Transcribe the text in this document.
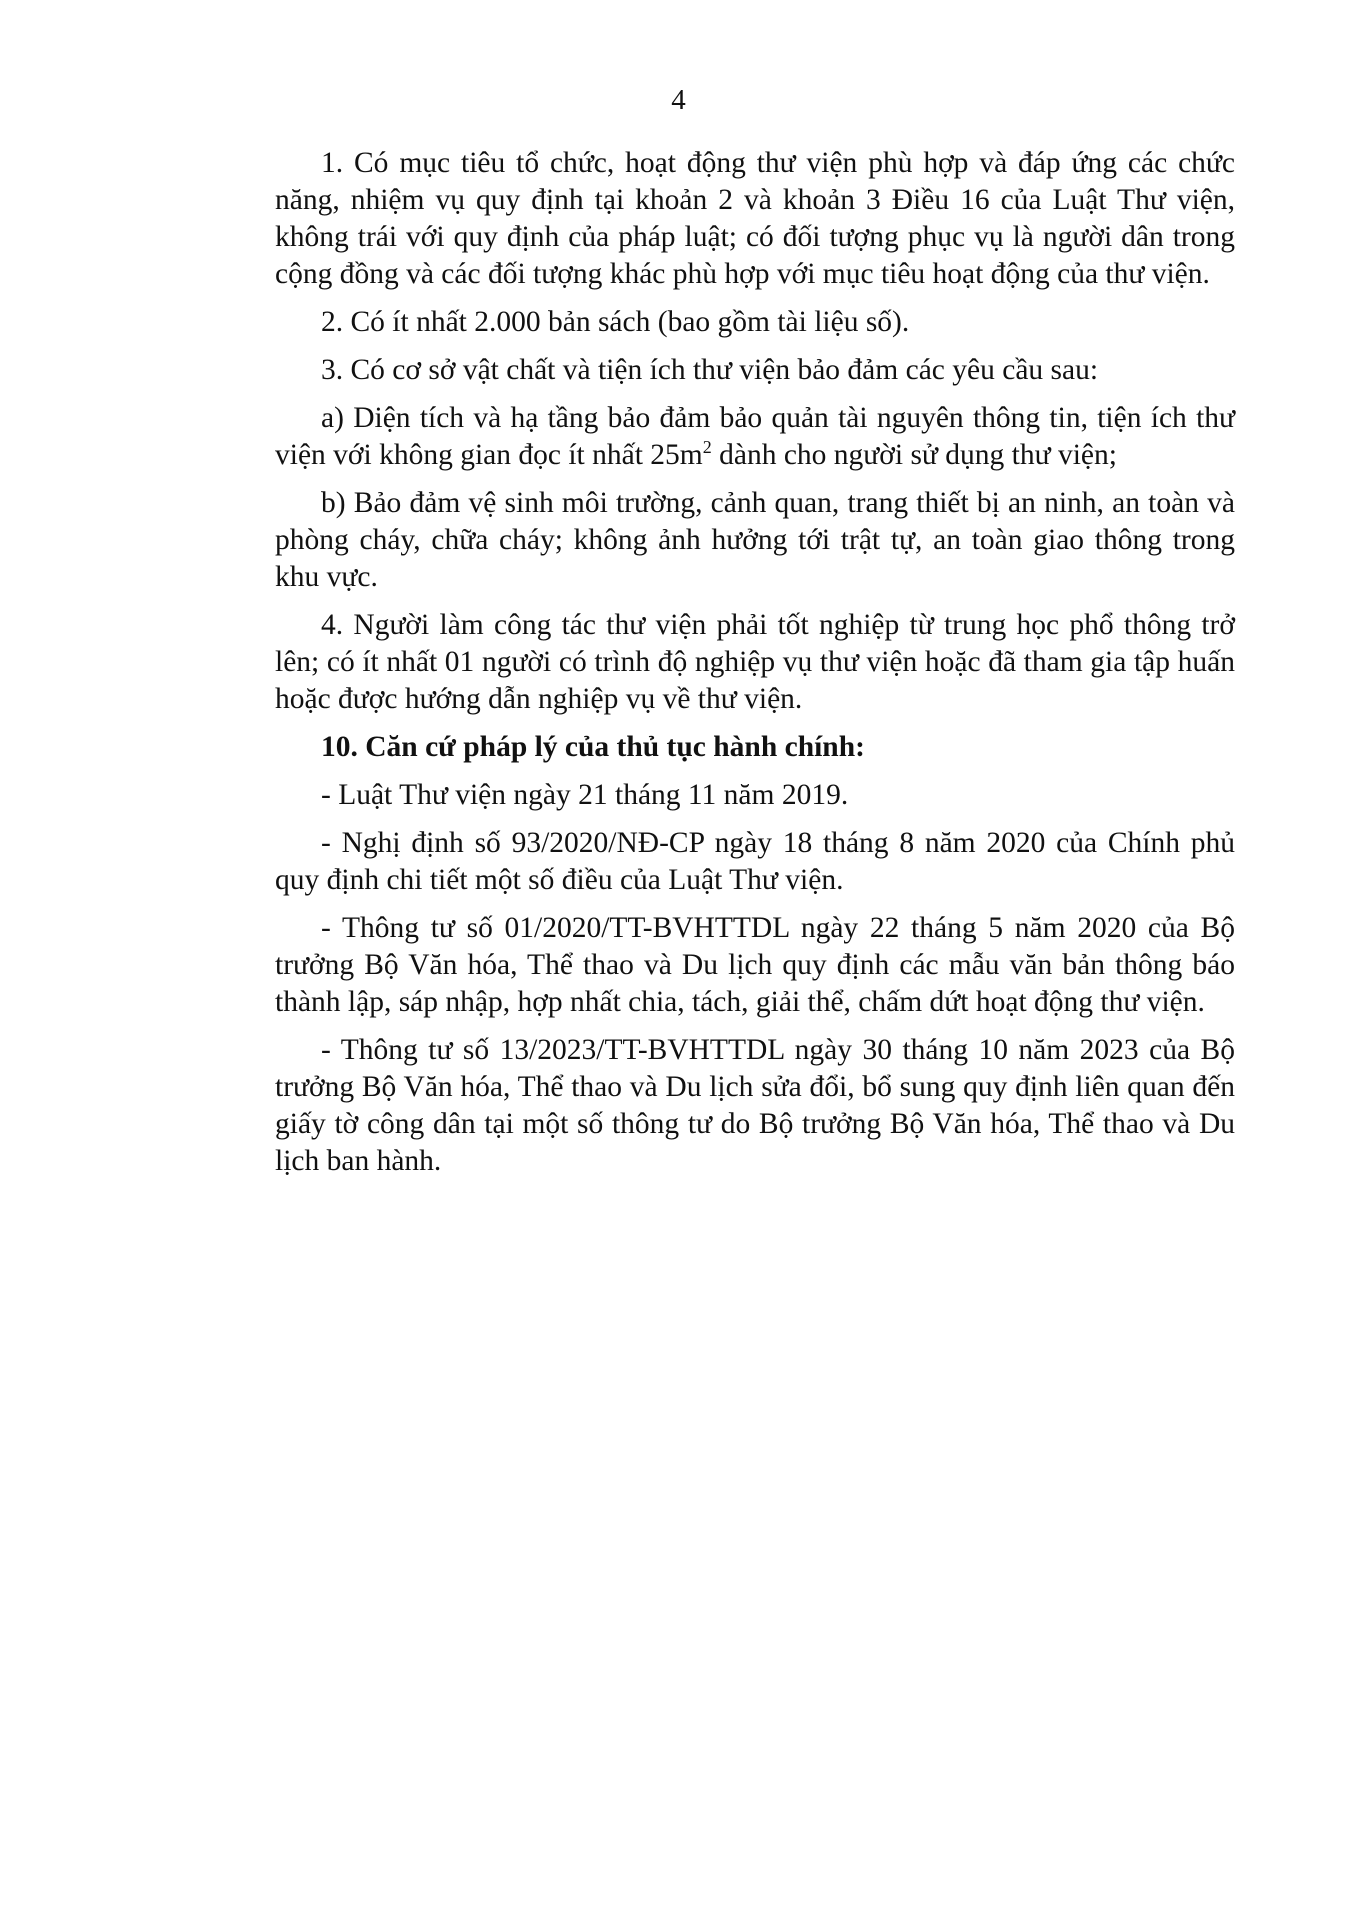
4

1. Có mục tiêu tổ chức, hoạt động thư viện phù hợp và đáp ứng các chức năng, nhiệm vụ quy định tại khoản 2 và khoản 3 Điều 16 của Luật Thư viện, không trái với quy định của pháp luật; có đối tượng phục vụ là người dân trong cộng đồng và các đối tượng khác phù hợp với mục tiêu hoạt động của thư viện.

2. Có ít nhất 2.000 bản sách (bao gồm tài liệu số).

3. Có cơ sở vật chất và tiện ích thư viện bảo đảm các yêu cầu sau:

a) Diện tích và hạ tầng bảo đảm bảo quản tài nguyên thông tin, tiện ích thư viện với không gian đọc ít nhất $25m^2$ dành cho người sử dụng thư viện;

b) Bảo đảm vệ sinh môi trường, cảnh quan, trang thiết bị an ninh, an toàn và phòng cháy, chữa cháy; không ảnh hưởng tới trật tự, an toàn giao thông trong khu vực.

4. Người làm công tác thư viện phải tốt nghiệp từ trung học phổ thông trở lên; có ít nhất 01 người có trình độ nghiệp vụ thư viện hoặc đã tham gia tập huấn hoặc được hướng dẫn nghiệp vụ về thư viện.

10. Căn cứ pháp lý của thủ tục hành chính:

- Luật Thư viện ngày 21 tháng 11 năm 2019.

- Nghị định số 93/2020/NĐ-CP ngày 18 tháng 8 năm 2020 của Chính phủ quy định chi tiết một số điều của Luật Thư viện.

- Thông tư số 01/2020/TT-BVHTTDL ngày 22 tháng 5 năm 2020 của Bộ trưởng Bộ Văn hóa, Thể thao và Du lịch quy định các mẫu văn bản thông báo thành lập, sáp nhập, hợp nhất chia, tách, giải thể, chấm dứt hoạt động thư viện.

- Thông tư số 13/2023/TT-BVHTTDL ngày 30 tháng 10 năm 2023 của Bộ trưởng Bộ Văn hóa, Thể thao và Du lịch sửa đổi, bổ sung quy định liên quan đến giấy tờ công dân tại một số thông tư do Bộ trưởng Bộ Văn hóa, Thể thao và Du lịch ban hành.
